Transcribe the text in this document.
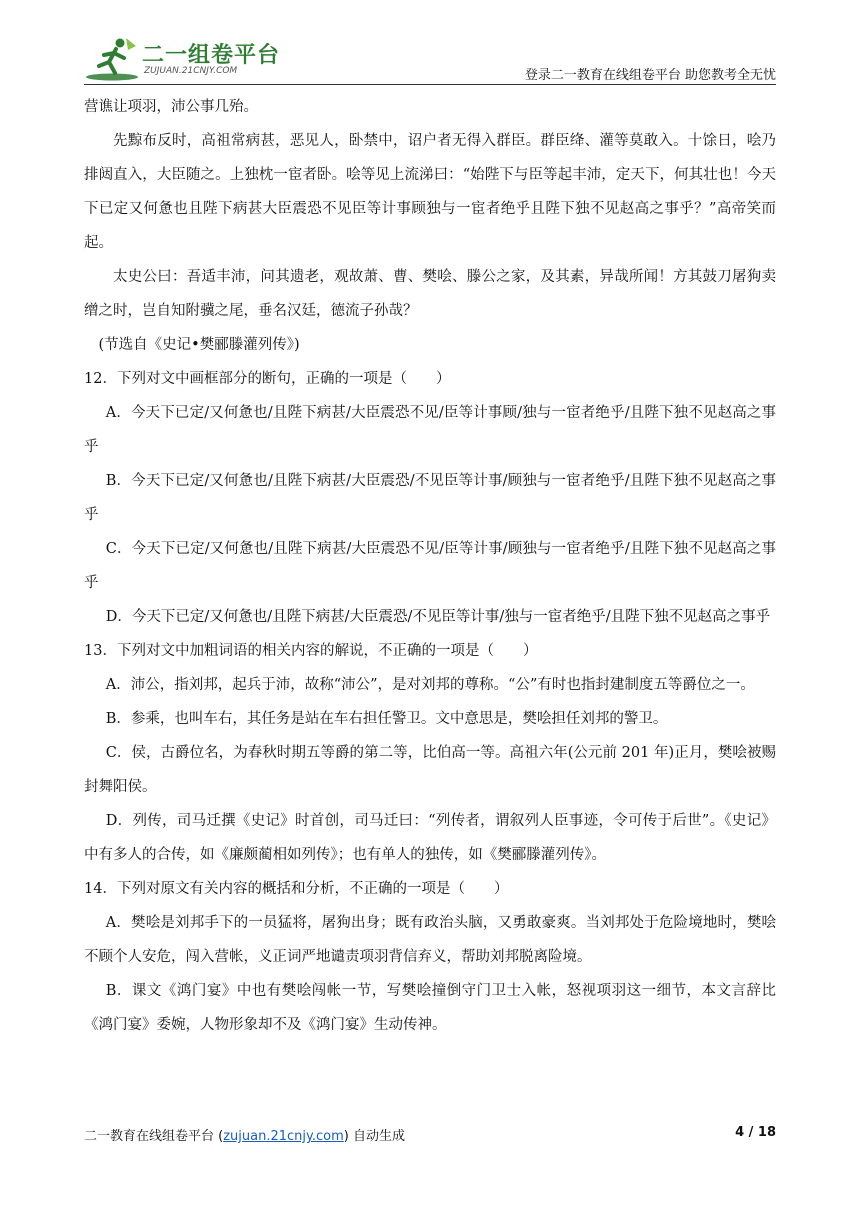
二一组卷平台
ZUJUAN.21CNJY.COM	登录二一教育在线组卷平台 助您教考全无忧

营谯让项羽，沛公事几殆。

先黥布反时，高祖常病甚，恶见人，卧禁中，诏户者无得入群臣。群臣绛、灌等莫敢入。十馀日，哙乃排闼直入，大臣随之。上独枕一宦者卧。哙等见上流涕曰：“始陛下与臣等起丰沛，定天下，何其壮也！今天下已定又何惫也且陛下病甚大臣震恐不见臣等计事顾独与一宦者绝乎且陛下独不见赵高之事乎？”高帝笑而起。

太史公曰：吾适丰沛，问其遗老，观故萧、曹、樊哙、滕公之家，及其素，异哉所闻！方其鼓刀屠狗卖缯之时，岂自知附骥之尾，垂名汉廷，德流子孙哉？

(节选自《史记•樊郦滕灌列传》)

12．下列对文中画框部分的断句，正确的一项是（　　）

A．今天下已定/又何惫也/且陛下病甚/大臣震恐不见/臣等计事顾/独与一宦者绝乎/且陛下独不见赵高之事乎

B．今天下已定/又何惫也/且陛下病甚/大臣震恐/不见臣等计事/顾独与一宦者绝乎/且陛下独不见赵高之事乎

C．今天下已定/又何惫也/且陛下病甚/大臣震恐不见/臣等计事/顾独与一宦者绝乎/且陛下独不见赵高之事乎

D．今天下已定/又何惫也/且陛下病甚/大臣震恐/不见臣等计事/独与一宦者绝乎/且陛下独不见赵高之事乎

13．下列对文中加粗词语的相关内容的解说，不正确的一项是（　　）

A．沛公，指刘邦，起兵于沛，故称“沛公”，是对刘邦的尊称。“公”有时也指封建制度五等爵位之一。

B．参乘，也叫车右，其任务是站在车右担任警卫。文中意思是，樊哙担任刘邦的警卫。

C．侯，古爵位名，为春秋时期五等爵的第二等，比伯高一等。高祖六年(公元前 201 年)正月，樊哙被赐封舞阳侯。

D．列传，司马迁撰《史记》时首创，司马迁曰：“列传者，谓叙列人臣事迹，令可传于后世”。《史记》中有多人的合传，如《廉颇蔺相如列传》；也有单人的独传，如《樊郦滕灌列传》。

14．下列对原文有关内容的概括和分析，不正确的一项是（　　）

A．樊哙是刘邦手下的一员猛将，屠狗出身；既有政治头脑，又勇敢豪爽。当刘邦处于危险境地时，樊哙不顾个人安危，闯入营帐，义正词严地谴责项羽背信弃义，帮助刘邦脱离险境。

B．课文《鸿门宴》中也有樊哙闯帐一节，写樊哙撞倒守门卫士入帐，怒视项羽这一细节，本文言辞比《鸿门宴》委婉，人物形象却不及《鸿门宴》生动传神。

二一教育在线组卷平台 (zujuan.21cnjy.com) 自动生成	4 / 18
